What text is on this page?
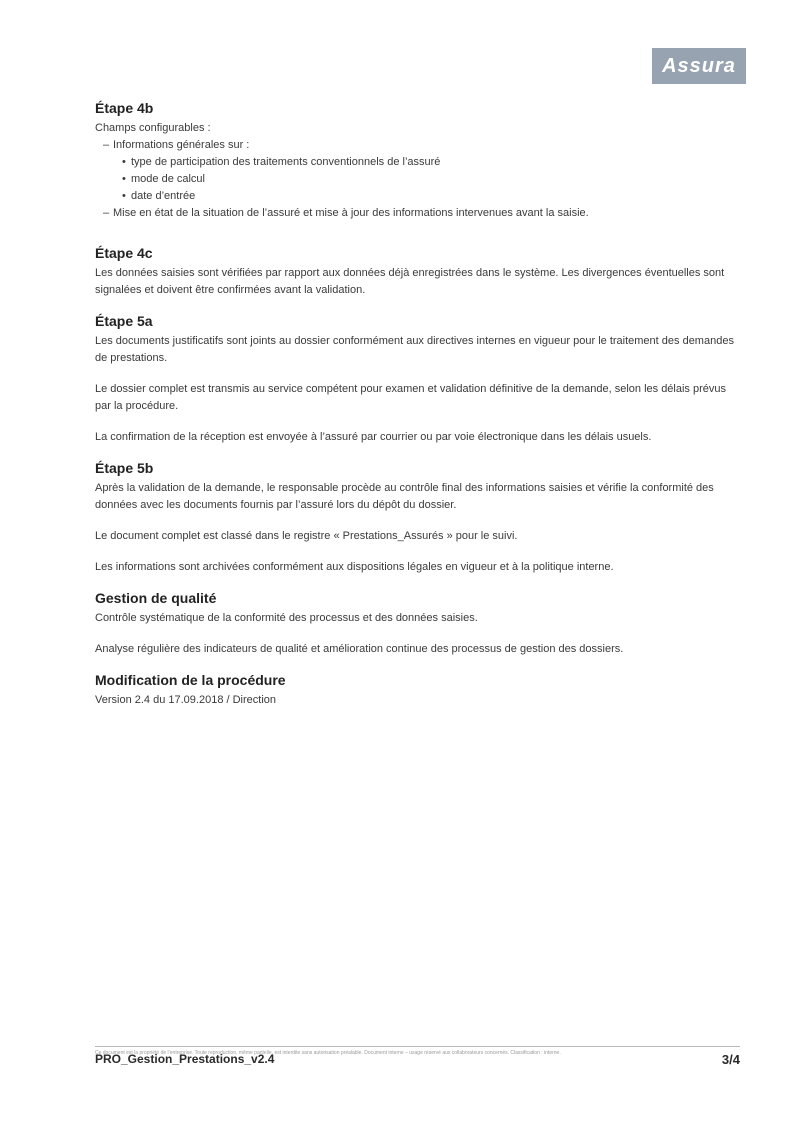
Assura
Étape 4b

Champs configurables :

– Informations générales sur :
• type de participation des traitements conventionnels de l’assuré
• mode de calcul
• date d’entrée
– Mise en état de la situation de l’assuré et mise à jour des informations intervenues avant la saisie.
Étape 4c

Les données saisies sont vérifiées par rapport aux données déjà enregistrées dans le système. Les divergences éventuelles sont signalées et doivent être confirmées avant la validation.

Étape 5a

Les documents justificatifs sont joints au dossier conformément aux directives internes en vigueur pour le traitement des demandes de prestations.

Le dossier complet est transmis au service compétent pour examen et validation définitive de la demande, selon les délais prévus par la procédure.

La confirmation de la réception est envoyée à l’assuré par courrier ou par voie électronique dans les délais usuels.

Étape 5b

Après la validation de la demande, le responsable procède au contrôle final des informations saisies et vérifie la conformité des données avec les documents fournis par l’assuré lors du dépôt du dossier.

Le document complet est classé dans le registre « Prestations_Assurés » pour le suivi.

Les informations sont archivées conformément aux dispositions légales en vigueur et à la politique interne.

Gestion de qualité

Contrôle systématique de la conformité des processus et des données saisies.

Analyse régulière des indicateurs de qualité et amélioration continue des processus de gestion des dossiers.

Modification de la procédure

Version 2.4 du 17.09.2018 / Direction

Ce document est la propriété de l’entreprise. Toute reproduction, même partielle, est interdite sans autorisation préalable. Document interne – usage réservé aux collaborateurs concernés. Classification : interne.
PRO_Gestion_Prestations_v2.4	3/4
